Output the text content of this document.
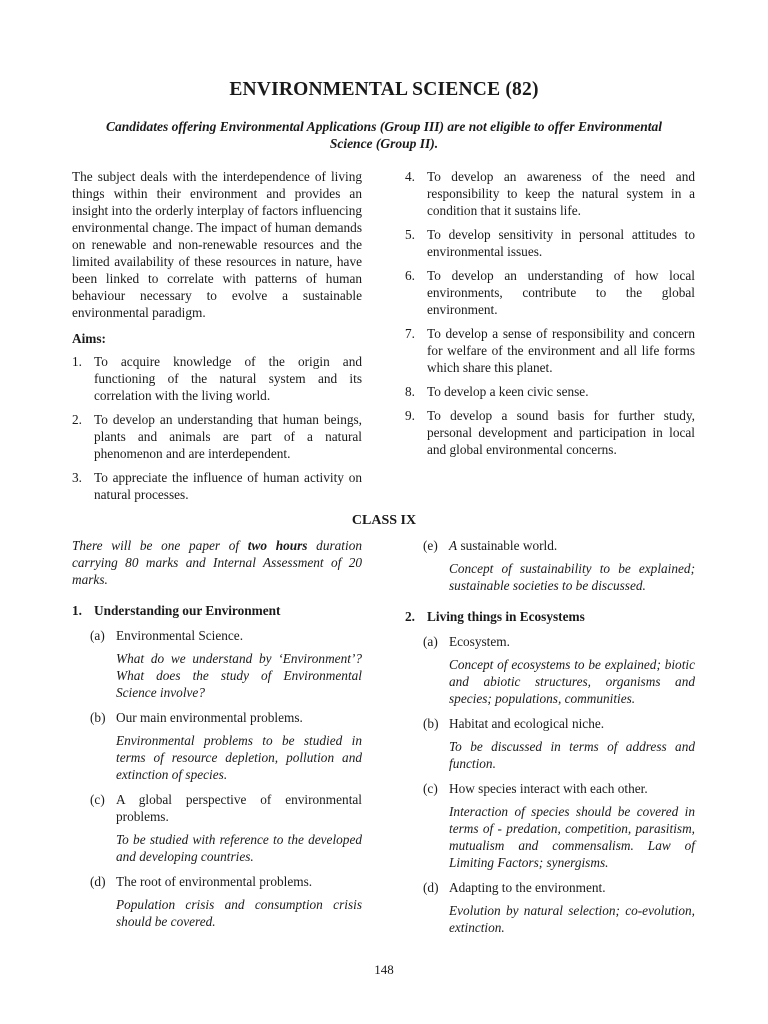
ENVIRONMENTAL SCIENCE (82)
Candidates offering Environmental Applications (Group III) are not eligible to offer Environmental Science (Group II).

The subject deals with the interdependence of living things within their environment and provides an insight into the orderly interplay of factors influencing environmental change. The impact of human demands on renewable and non-renewable resources and the limited availability of these resources in nature, have been linked to correlate with patterns of human behaviour necessary to evolve a sustainable environmental paradigm.

Aims:

1. To acquire knowledge of the origin and functioning of the natural system and its correlation with the living world.
2. To develop an understanding that human beings, plants and animals are part of a natural phenomenon and are interdependent.
3. To appreciate the influence of human activity on natural processes.
4. To develop an awareness of the need and responsibility to keep the natural system in a condition that it sustains life.
5. To develop sensitivity in personal attitudes to environmental issues.
6. To develop an understanding of how local environments, contribute to the global environment.
7. To develop a sense of responsibility and concern for welfare of the environment and all life forms which share this planet.
8. To develop a keen civic sense.
9. To develop a sound basis for further study, personal development and participation in local and global environmental concerns.
CLASS IX

There will be one paper of two hours duration carrying 80 marks and Internal Assessment of 20 marks.

1. Understanding our Environment
(a) Environmental Science.

What do we understand by ‘Environment’? What does the study of Environmental Science involve?

(b) Our main environmental problems.

Environmental problems to be studied in terms of resource depletion, pollution and extinction of species.

(c) A global perspective of environmental problems.

To be studied with reference to the developed and developing countries.

(d) The root of environmental problems.

Population crisis and consumption crisis should be covered.

(e) A sustainable world.

Concept of sustainability to be explained; sustainable societies to be discussed.

2. Living things in Ecosystems
(a) Ecosystem.

Concept of ecosystems to be explained; biotic and abiotic structures, organisms and species; populations, communities.

(b) Habitat and ecological niche.

To be discussed in terms of address and function.

(c) How species interact with each other.

Interaction of species should be covered in terms of - predation, competition, parasitism, mutualism and commensalism. Law of Limiting Factors; synergisms.

(d) Adapting to the environment.

Evolution by natural selection; co-evolution, extinction.

148
